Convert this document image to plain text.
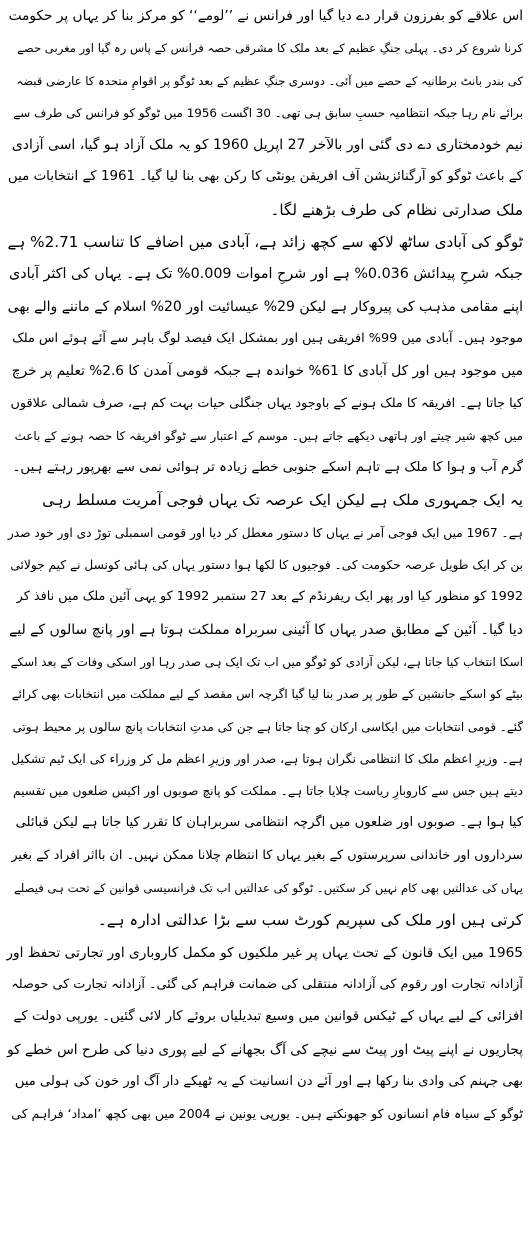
اس علاقے کو بفرزون قرار دے دیا گیا اور فرانس نے ’’لومے‘‘ کو مرکز بنا کر یہاں پر حکومت
کرنا شروع کر دی۔ پہلی جنگِ عظیم کے بعد ملک کا مشرقی حصہ فرانس کے پاس رہ گیا اور مغربی حصے
کی بندر بانٹ برطانیہ کے حصے میں آئی۔ دوسری جنگِ عظیم کے بعد ٹوگو پر اقوامِ متحدہ کا عارضی قبضہ
برائے نام رہا جبکہ انتظامیہ حسبِ سابق ہی تھی۔ 30 اگست 1956 میں ٹوگو کو فرانس کی طرف سے
نیم خودمختاری دے دی گئی اور بالآخر 27 اپریل 1960 کو یہ ملک آزاد ہو گیا، اسی آزادی
کے باعث ٹوگو کو آرگنائزیشن آف افریقن یونٹی کا رکن بھی بنا لیا گیا۔ 1961 کے انتخابات میں
ملک صدارتی نظام کی طرف بڑھنے لگا۔
ٹوگو کی آبادی ساٹھ لاکھ سے کچھ زائد ہے، آبادی میں اضافے کا تناسب 2.71% ہے
جبکہ شرحِ پیدائش 0.036% ہے اور شرحِ اموات 0.009% تک ہے۔ یہاں کی اکثر آبادی
اپنے مقامی مذہب کی پیروکار ہے لیکن 29% عیسائیت اور 20% اسلام کے ماننے والے بھی
موجود ہیں۔ آبادی میں 99% افریقی ہیں اور بمشکل ایک فیصد لوگ باہر سے آئے ہوئے اس ملک
میں موجود ہیں اور کل آبادی کا 61% خواندہ ہے جبکہ قومی آمدن کا 2.6% تعلیم پر خرچ
کیا جاتا ہے۔ افریقہ کا ملک ہونے کے باوجود یہاں جنگلی حیات بہت کم ہے، صرف شمالی علاقوں
میں کچھ شیر چیتے اور ہاتھی دیکھے جاتے ہیں۔ موسم کے اعتبار سے ٹوگو افریقہ کا حصہ ہونے کے باعث
گرم آب و ہوا کا ملک ہے تاہم اسکے جنوبی خطے زیادہ تر ہوائی نمی سے بھرپور رہتے ہیں۔
یہ ایک جمہوری ملک ہے لیکن ایک عرصہ تک یہاں فوجی آمریت مسلط رہی
ہے۔ 1967 میں ایک فوجی آمر نے یہاں کا دستور معطل کر دیا اور قومی اسمبلی توڑ دی اور خود صدر
بن کر ایک طویل عرصہ حکومت کی۔ فوجیوں کا لکھا ہوا دستور یہاں کی ہائی کونسل نے کیم جولائی
1992 کو منظور کیا اور پھر ایک ریفرنڈم کے بعد 27 ستمبر 1992 کو یہی آئین ملک میں نافذ کر
دیا گیا۔ آئین کے مطابق صدر یہاں کا آئینی سربراہ مملکت ہوتا ہے اور پانچ سالوں کے لیے
اسکا انتخاب کیا جاتا ہے، لیکن آزادی کو ٹوگو میں اب تک ایک ہی صدر رہا اور اسکی وفات کے بعد اسکے
بیٹے کو اسکے جانشین کے طور پر صدر بنا لیا گیا اگرچہ اس مقصد کے لیے مملکت میں انتخابات بھی کرائے
گئے۔ قومی انتخابات میں ایکاسی ارکان کو چنا جاتا ہے جن کی مدتِ انتخابات پانچ سالوں پر محیط ہوتی
ہے۔ وزیرِ اعظم ملک کا انتظامی نگران ہوتا ہے، صدر اور وزیرِ اعظم مل کر وزراء کی ایک ٹیم تشکیل
دیتے ہیں جس سے کاروبارِ ریاست چلایا جاتا ہے۔ مملکت کو پانچ صوبوں اور اکیس ضلعوں میں تقسیم
کیا ہوا ہے۔ صوبوں اور ضلعوں میں اگرچہ انتظامی سربراہان کا تقرر کیا جاتا ہے لیکن قبائلی
سرداروں اور خاندانی سرپرستوں کے بغیر یہاں کا انتظام چلانا ممکن نہیں۔ ان بااثر افراد کے بغیر
یہاں کی عدالتیں بھی کام نہیں کر سکتیں۔ ٹوگو کی عدالتیں اب تک فرانسیسی قوانین کے تحت ہی فیصلے
کرتی ہیں اور ملک کی سپریم کورٹ سب سے بڑا عدالتی ادارہ ہے۔
1965 میں ایک قانون کے تحت یہاں پر غیر ملکیوں کو مکمل کاروباری اور تجارتی تحفظ اور
آزادانہ تجارت اور رقوم کی آزادانہ منتقلی کی ضمانت فراہم کی گئی۔ آزادانہ تجارت کی حوصلہ
افزائی کے لیے یہاں کے ٹیکس قوانین میں وسیع تبدیلیاں بروئے کار لائی گئیں۔ یورپی دولت کے
پجاریوں نے اپنے پیٹ اور پیٹ سے نیچے کی آگ بجھانے کے لیے پوری دنیا کی طرح اس خطے کو
بھی جہنم کی وادی بنا رکھا ہے اور آئے دن انسانیت کے یہ ٹھیکے دار آگ اور خون کی ہولی میں
ٹوگو کے سیاہ فام انسانوں کو جھونکتے ہیں۔ یورپی یونین نے 2004 میں بھی کچھ ’امداد‘ فراہم کی
